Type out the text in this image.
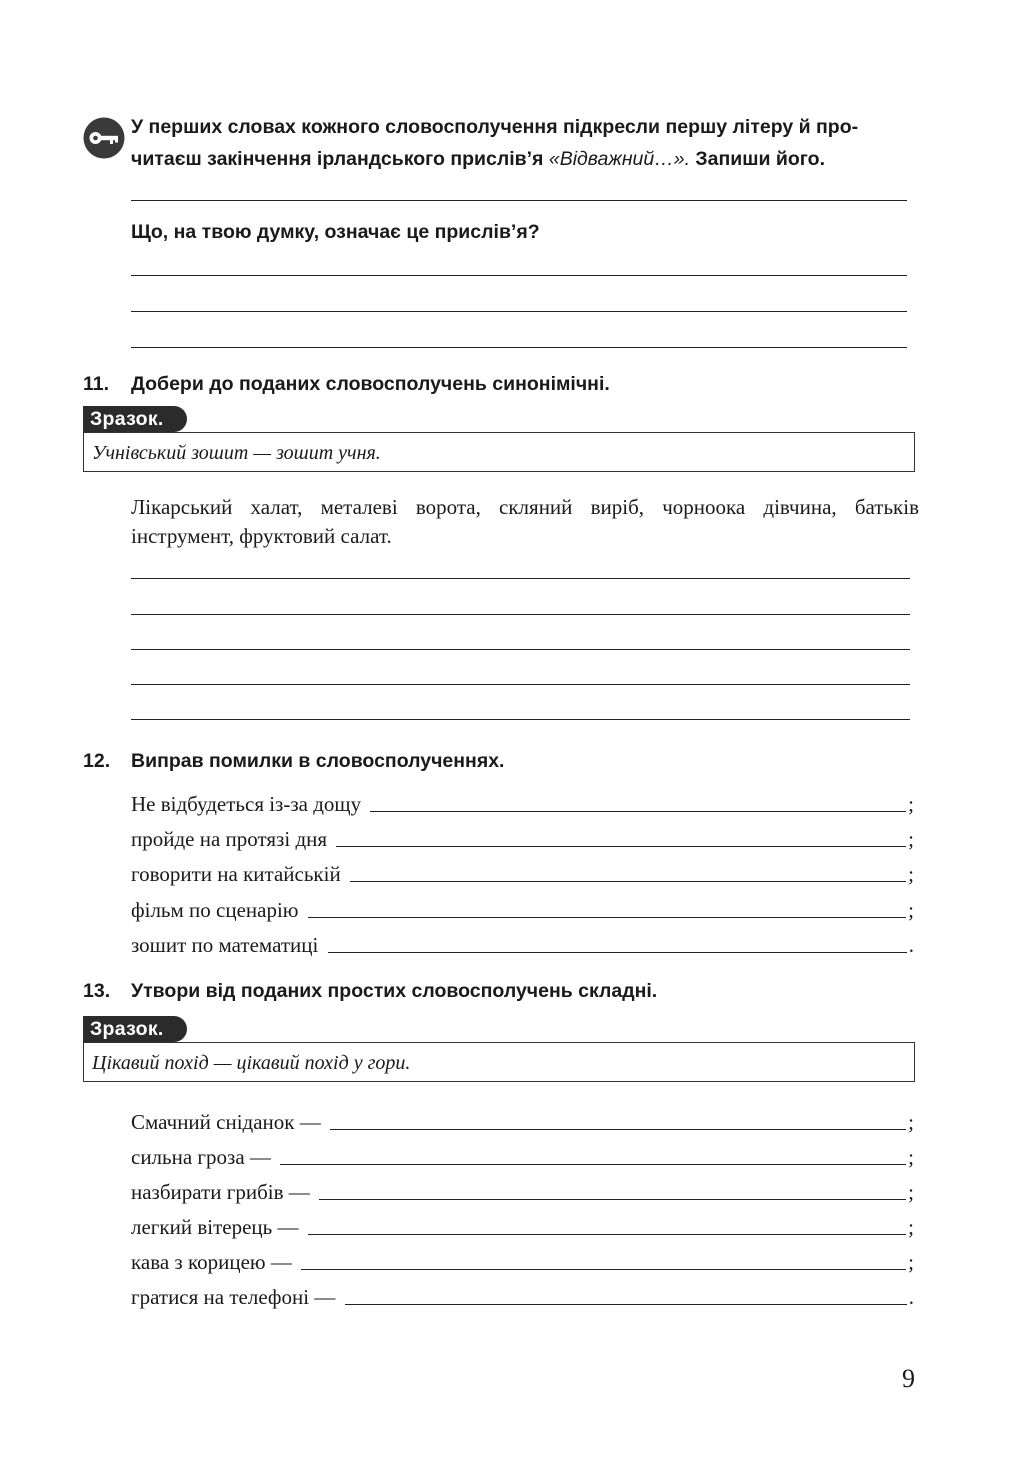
У перших словах кожного словосполучення підкресли першу літеру й про-
читаєш закінчення ірландського прислів’я «Відважний…». Запиши його.
Що, на твою думку, означає це прислів’я?
11. Добери до поданих словосполучень синонімічні.
Зразок.
Учнівський зошит — зошит учня.
Лікарський халат, металеві ворота, скляний виріб, чорноока дівчина, батьків інструмент, фруктовий салат.
12. Виправ помилки в словосполученнях.
Не відбудеться із-за дощу	;
пройде на протязі дня	;
говорити на китайській	;
фільм по сценарію	;
зошит по математиці	.
13. Утвори від поданих простих словосполучень складні.
Зразок.
Цікавий похід — цікавий похід у гори.
Смачний сніданок —	;
сильна гроза —	;
назбирати грибів —	;
легкий вітерець —	;
кава з корицею —	;
гратися на телефоні —	.
9
